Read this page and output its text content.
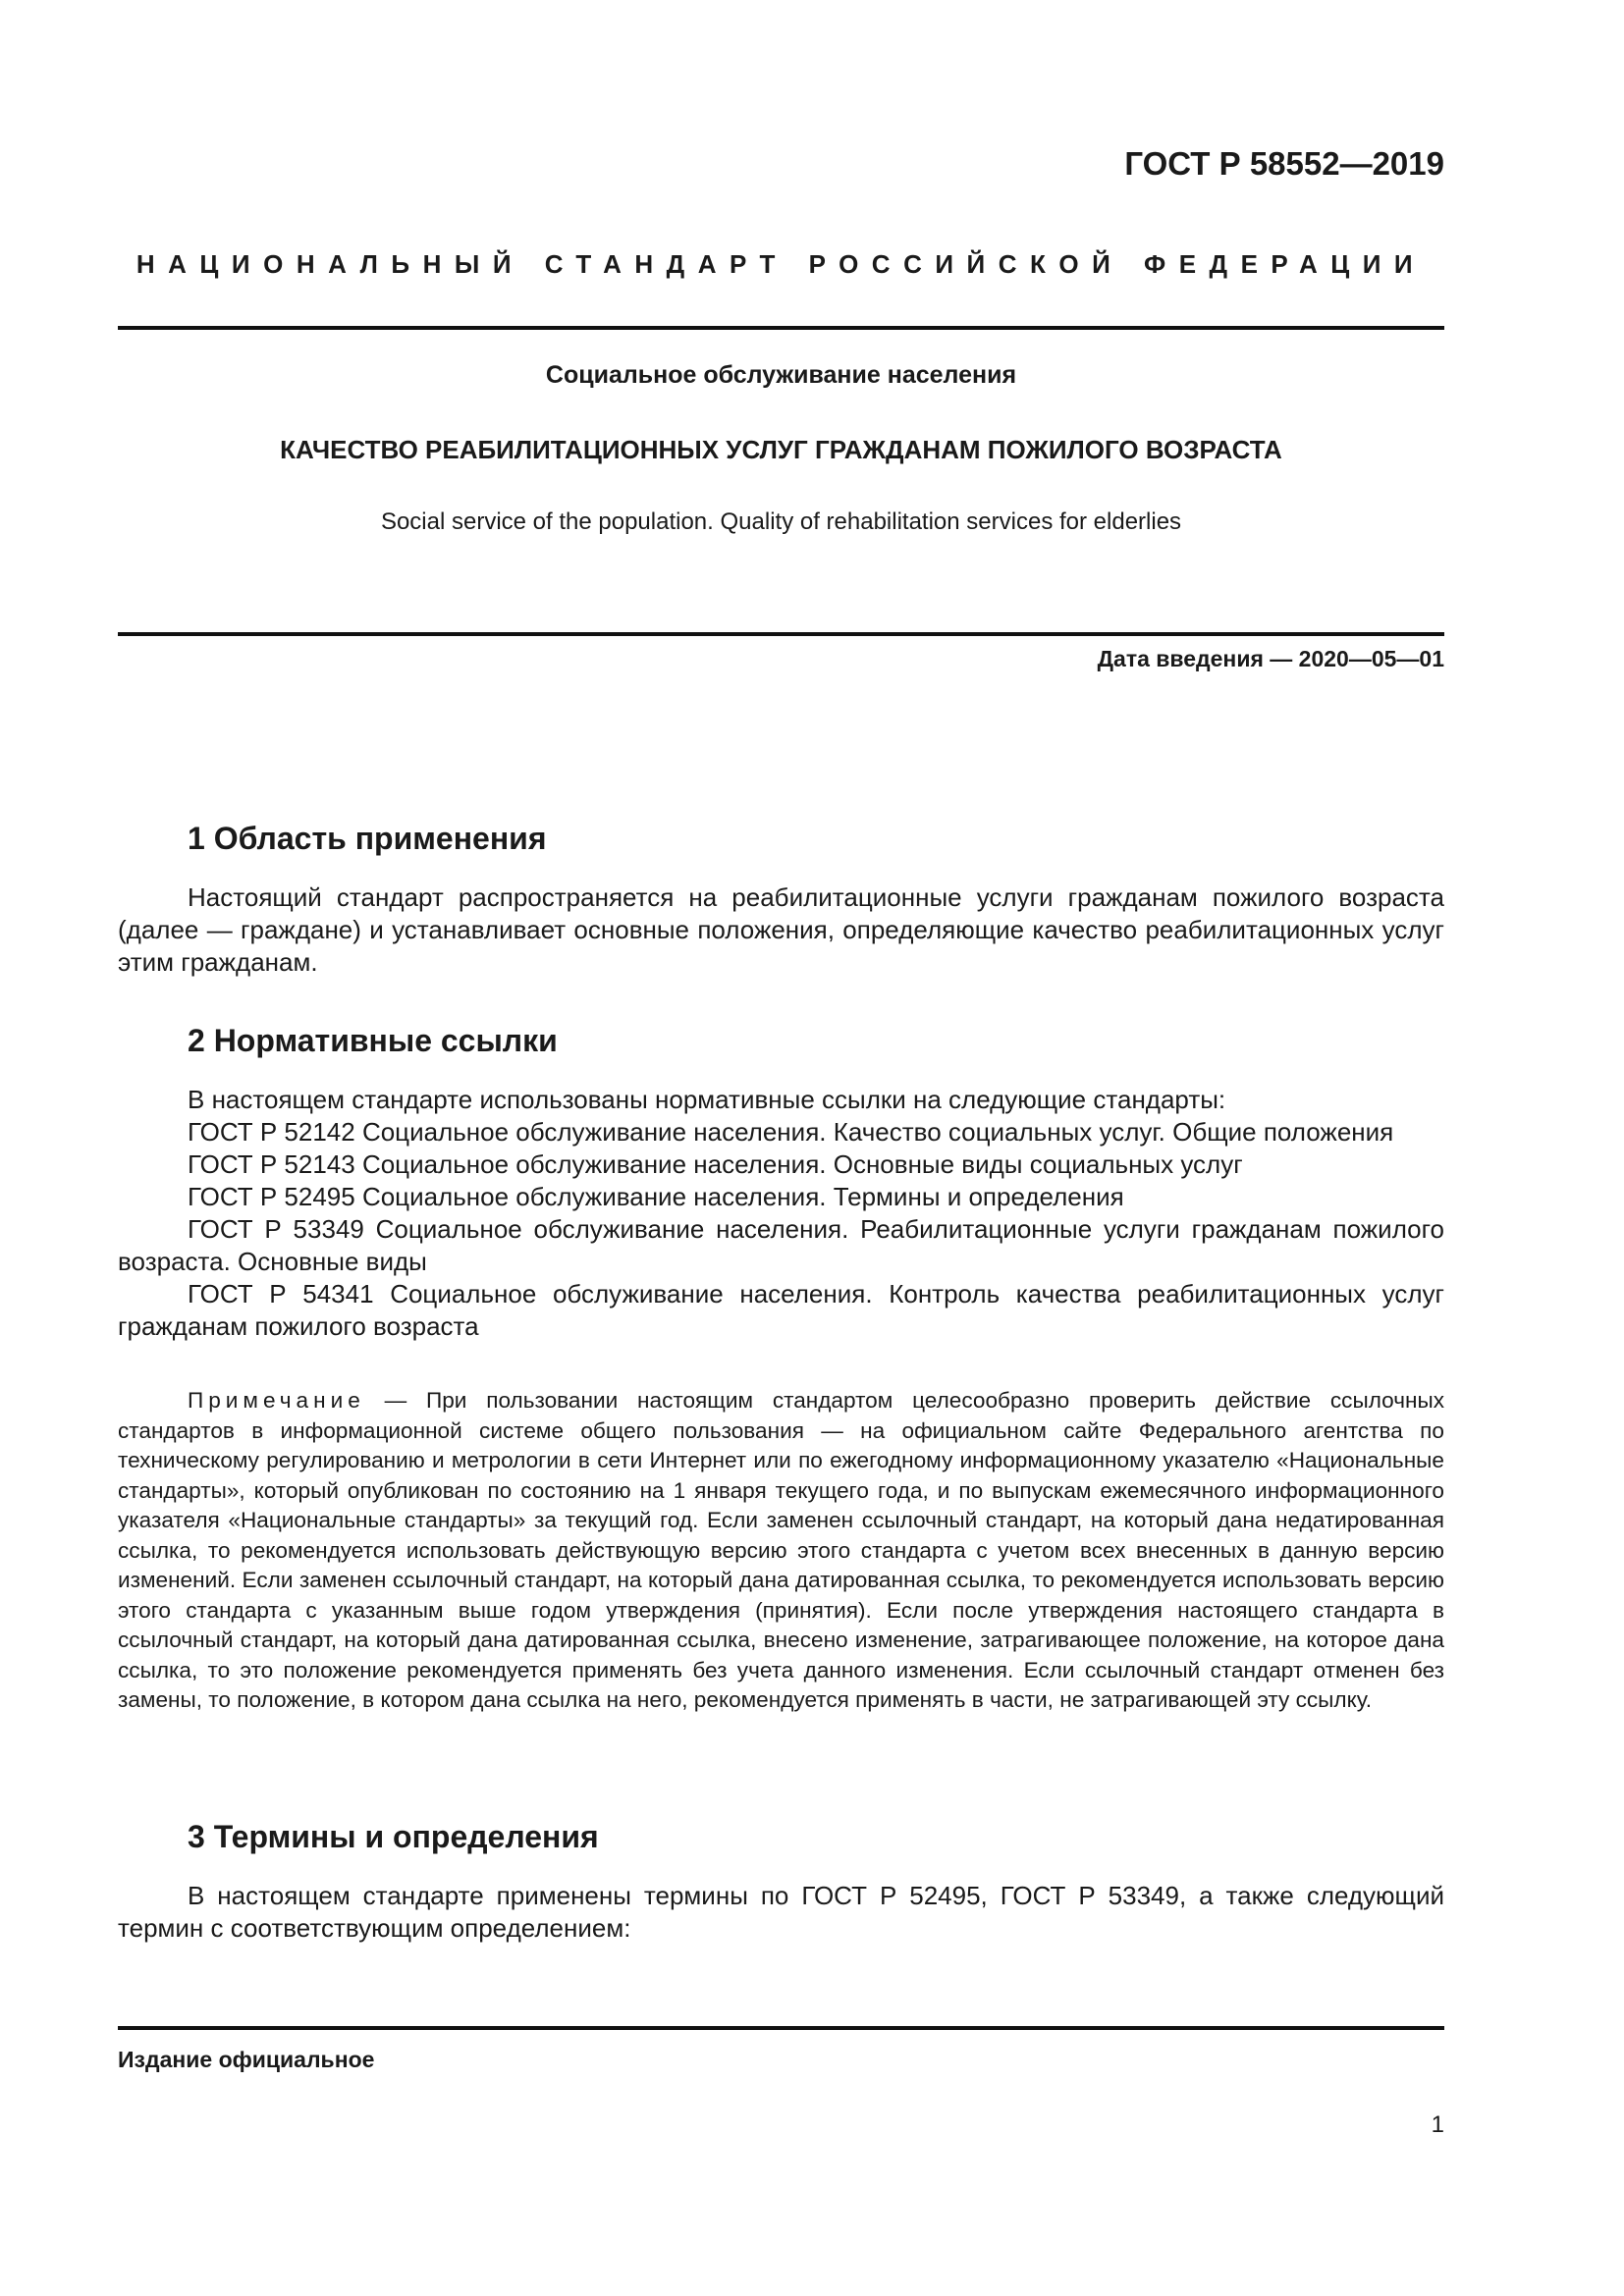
ГОСТ Р 58552—2019
НАЦИОНАЛЬНЫЙ СТАНДАРТ РОССИЙСКОЙ ФЕДЕРАЦИИ
Социальное обслуживание населения
КАЧЕСТВО РЕАБИЛИТАЦИОННЫХ УСЛУГ ГРАЖДАНАМ ПОЖИЛОГО ВОЗРАСТА
Social service of the population. Quality of rehabilitation services for elderlies
Дата введения — 2020—05—01
1 Область применения

Настоящий стандарт распространяется на реабилитационные услуги гражданам пожилого возраста (далее — граждане) и устанавливает основные положения, определяющие качество реабилитационных услуг этим гражданам.

2 Нормативные ссылки

В настоящем стандарте использованы нормативные ссылки на следующие стандарты:

ГОСТ Р 52142 Социальное обслуживание населения. Качество социальных услуг. Общие положения

ГОСТ Р 52143 Социальное обслуживание населения. Основные виды социальных услуг

ГОСТ Р 52495 Социальное обслуживание населения. Термины и определения

ГОСТ Р 53349 Социальное обслуживание населения. Реабилитационные услуги гражданам пожилого возраста. Основные виды

ГОСТ Р 54341 Социальное обслуживание населения. Контроль качества реабилитационных услуг гражданам пожилого возраста

Примечание — При пользовании настоящим стандартом целесообразно проверить действие ссылочных стандартов в информационной системе общего пользования — на официальном сайте Федерального агентства по техническому регулированию и метрологии в сети Интернет или по ежегодному информационному указателю «Национальные стандарты», который опубликован по состоянию на 1 января текущего года, и по выпускам ежемесячного информационного указателя «Национальные стандарты» за текущий год. Если заменен ссылочный стандарт, на который дана недатированная ссылка, то рекомендуется использовать действующую версию этого стандарта с учетом всех внесенных в данную версию изменений. Если заменен ссылочный стандарт, на который дана датированная ссылка, то рекомендуется использовать версию этого стандарта с указанным выше годом утверждения (принятия). Если после утверждения настоящего стандарта в ссылочный стандарт, на который дана датированная ссылка, внесено изменение, затрагивающее положение, на которое дана ссылка, то это положение рекомендуется применять без учета данного изменения. Если ссылочный стандарт отменен без замены, то положение, в котором дана ссылка на него, рекомендуется применять в части, не затрагивающей эту ссылку.

3 Термины и определения

В настоящем стандарте применены термины по ГОСТ Р 52495, ГОСТ Р 53349, а также следующий термин с соответствующим определением:

Издание официальное
1
